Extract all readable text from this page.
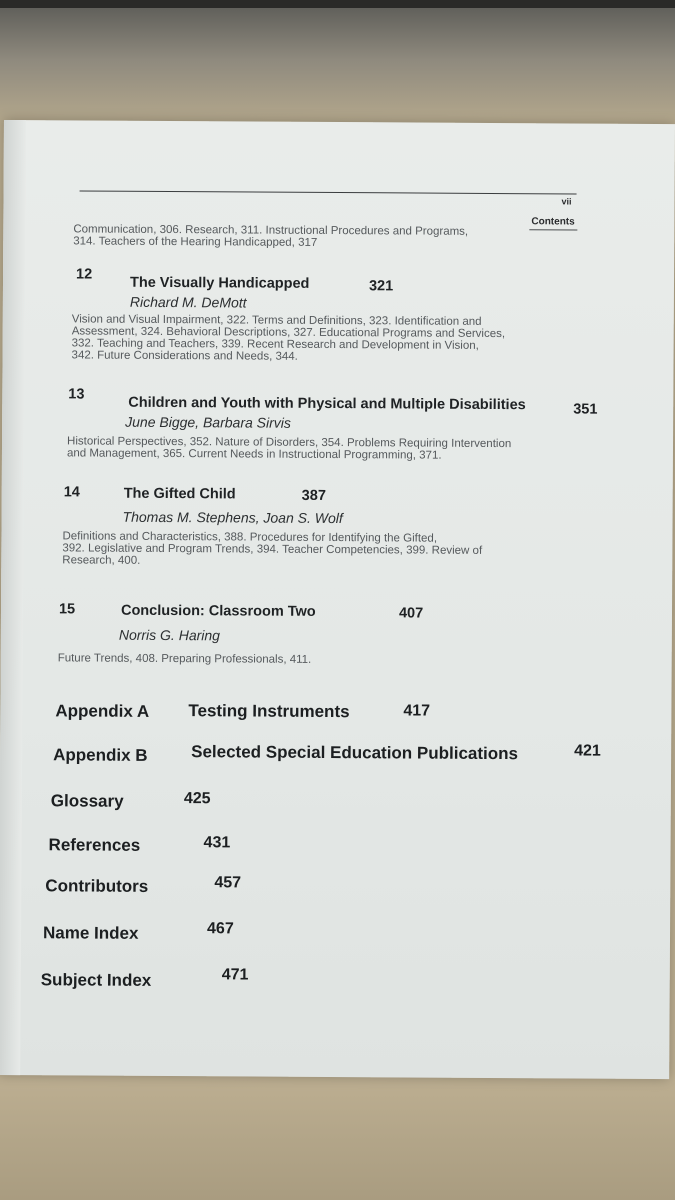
vii
Contents
Communication, 306. Research, 311. Instructional Procedures and Programs,
314. Teachers of the Hearing Handicapped, 317
12
The Visually Handicapped	321
Richard M. DeMott
Vision and Visual Impairment, 322. Terms and Definitions, 323. Identification and
Assessment, 324. Behavioral Descriptions, 327. Educational Programs and Services,
332. Teaching and Teachers, 339. Recent Research and Development in Vision,
342. Future Considerations and Needs, 344.
13
Children and Youth with Physical and Multiple Disabilities	351
June Bigge, Barbara Sirvis
Historical Perspectives, 352. Nature of Disorders, 354. Problems Requiring Intervention
and Management, 365. Current Needs in Instructional Programming, 371.
14	The Gifted Child	387
Thomas M. Stephens, Joan S. Wolf
Definitions and Characteristics, 388. Procedures for Identifying the Gifted,
392. Legislative and Program Trends, 394. Teacher Competencies, 399. Review of
Research, 400.
15	Conclusion: Classroom Two	407
Norris G. Haring
Future Trends, 408. Preparing Professionals, 411.
Appendix A Testing Instruments	417
Appendix B	Selected Special Education Publications	421
Glossary	425
References	431
Contributors	457
Name Index	467
Subject Index	471
